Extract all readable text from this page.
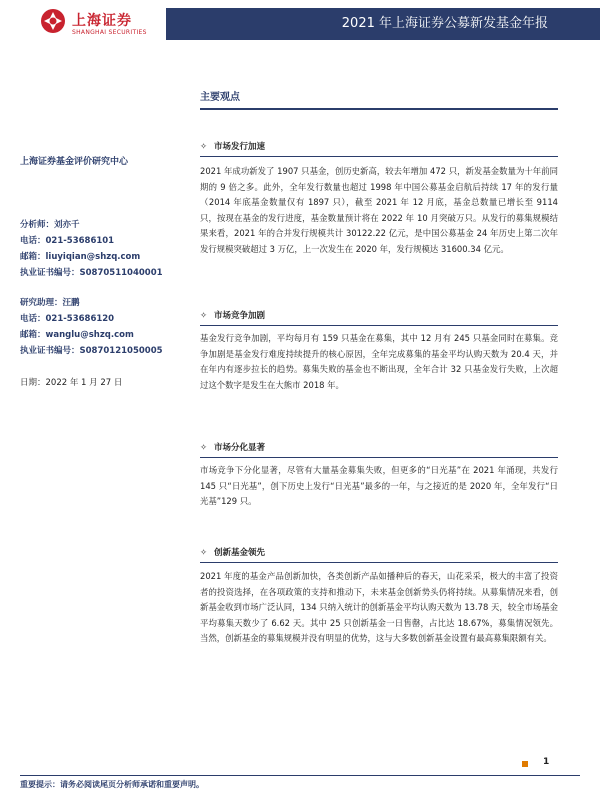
上海证券
SHANGHAI SECURITIES
2021 年上海证券公募新发基金年报
主要观点
上海证券基金评价研究中心
分析师：刘亦千
电话：021-53686101
邮箱：liuyiqian@shzq.com
执业证书编号：S0870511040001
研究助理：汪鹏
电话：021-53686120
邮箱：wanglu@shzq.com
执业证书编号：S0870121050005
日期：2022 年 1 月 27 日
✧ 市场发行加速
2021 年成功新发了 1907 只基金，创历史新高，较去年增加 472 只，新发基金数量为十年前同期的 9 倍之多。此外，全年发行数量也超过 1998 年中国公募基金启航后持续 17 年的发行量（2014 年底基金数量仅有 1897 只），截至 2021 年 12 月底，基金总数量已增长至 9114 只，按现在基金的发行进度，基金数量预计将在 2022 年 10 月突破万只。从发行的募集规模结果来看，2021 年的合并发行规模共计 30122.22 亿元，是中国公募基金 24 年历史上第二次年发行规模突破超过 3 万亿，上一次发生在 2020 年，发行规模达 31600.34 亿元。
✧ 市场竞争加剧
基金发行竞争加剧，平均每月有 159 只基金在募集，其中 12 月有 245 只基金同时在募集。竞争加剧是基金发行难度持续提升的核心原因，全年完成募集的基金平均认购天数为 20.4 天，并在年内有逐步拉长的趋势。募集失败的基金也不断出现，全年合计 32 只基金发行失败，上次超过这个数字是发生在大熊市 2018 年。
✧ 市场分化显著
市场竞争下分化显著，尽管有大量基金募集失败，但更多的“日光基”在 2021 年涌现，共发行 145 只“日光基”，创下历史上发行“日光基”最多的一年，与之接近的是 2020 年，全年发行“日光基”129 只。
✧ 创新基金领先
2021 年度的基金产品创新加快，各类创新产品如播种后的春天，山花采采，极大的丰富了投资者的投资选择，在各项政策的支持和推动下，未来基金创新势头仍将持续。从募集情况来看，创新基金收到市场广泛认同，134 只纳入统计的创新基金平均认购天数为 13.78 天，较全市场基金平均募集天数少了 6.62 天。其中 25 只创新基金一日售罄，占比达 18.67%，募集情况领先。当然，创新基金的募集规模并没有明显的优势，这与大多数创新基金设置有最高募集限额有关。
1
重要提示：请务必阅读尾页分析师承诺和重要声明。
